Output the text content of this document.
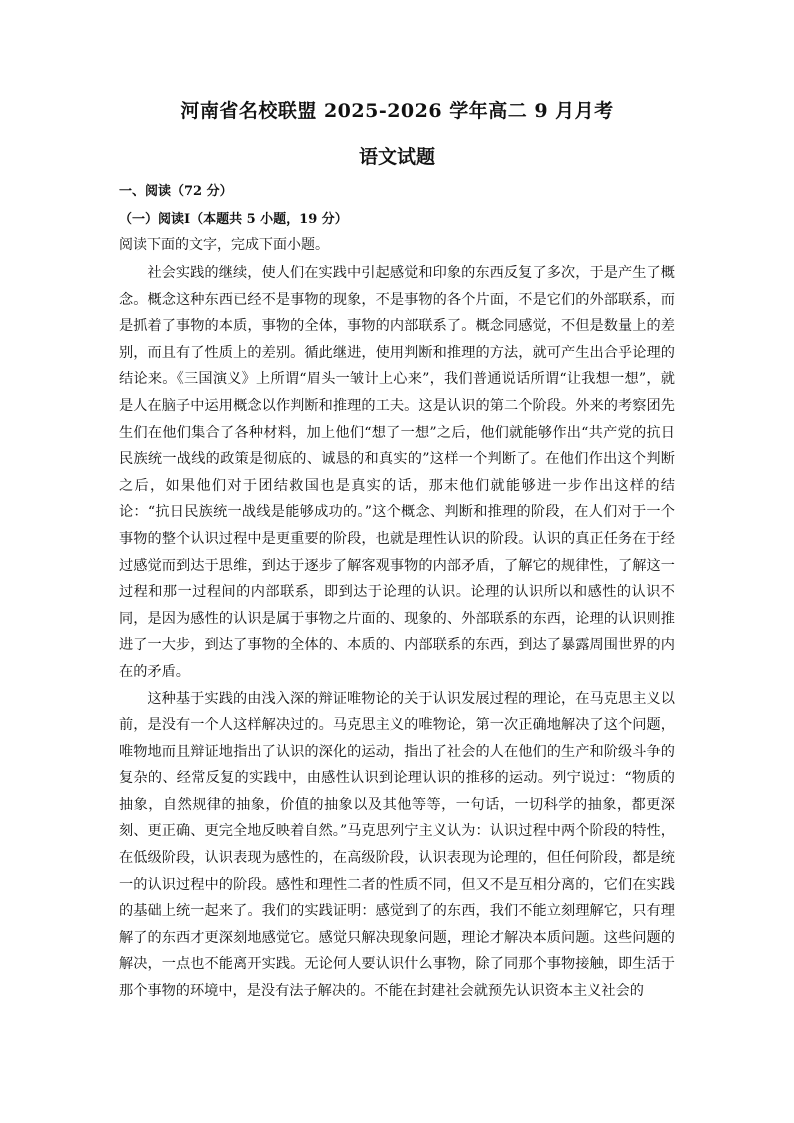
河南省名校联盟 2025-2026 学年高二 9 月月考
语文试题

一、阅读（72 分）

（一）阅读Ⅰ（本题共 5 小题，19 分）

阅读下面的文字，完成下面小题。

社会实践的继续，使人们在实践中引起感觉和印象的东西反复了多次，于是产生了概念。概念这种东西已经不是事物的现象，不是事物的各个片面，不是它们的外部联系，而是抓着了事物的本质，事物的全体，事物的内部联系了。概念同感觉，不但是数量上的差别，而且有了性质上的差别。循此继进，使用判断和推理的方法，就可产生出合乎论理的结论来。《三国演义》上所谓“眉头一皱计上心来”，我们普通说话所谓“让我想一想”，就是人在脑子中运用概念以作判断和推理的工夫。这是认识的第二个阶段。外来的考察团先生们在他们集合了各种材料，加上他们“想了一想”之后，他们就能够作出“共产党的抗日民族统一战线的政策是彻底的、诚恳的和真实的”这样一个判断了。在他们作出这个判断之后，如果他们对于团结救国也是真实的话，那末他们就能够进一步作出这样的结论：“抗日民族统一战线是能够成功的。”这个概念、判断和推理的阶段，在人们对于一个事物的整个认识过程中是更重要的阶段，也就是理性认识的阶段。认识的真正任务在于经过感觉而到达于思维，到达于逐步了解客观事物的内部矛盾，了解它的规律性，了解这一过程和那一过程间的内部联系，即到达于论理的认识。论理的认识所以和感性的认识不同，是因为感性的认识是属于事物之片面的、现象的、外部联系的东西，论理的认识则推进了一大步，到达了事物的全体的、本质的、内部联系的东西，到达了暴露周围世界的内在的矛盾。

这种基于实践的由浅入深的辩证唯物论的关于认识发展过程的理论，在马克思主义以前，是没有一个人这样解决过的。马克思主义的唯物论，第一次正确地解决了这个问题，唯物地而且辩证地指出了认识的深化的运动，指出了社会的人在他们的生产和阶级斗争的复杂的、经常反复的实践中，由感性认识到论理认识的推移的运动。列宁说过：“物质的抽象，自然规律的抽象，价值的抽象以及其他等等，一句话，一切科学的抽象，都更深刻、更正确、更完全地反映着自然。”马克思列宁主义认为：认识过程中两个阶段的特性，在低级阶段，认识表现为感性的，在高级阶段，认识表现为论理的，但任何阶段，都是统一的认识过程中的阶段。感性和理性二者的性质不同，但又不是互相分离的，它们在实践的基础上统一起来了。我们的实践证明：感觉到了的东西，我们不能立刻理解它，只有理解了的东西才更深刻地感觉它。感觉只解决现象问题，理论才解决本质问题。这些问题的解决，一点也不能离开实践。无论何人要认识什么事物，除了同那个事物接触，即生活于那个事物的环境中，是没有法子解决的。不能在封建社会就预先认识资本主义社会的
